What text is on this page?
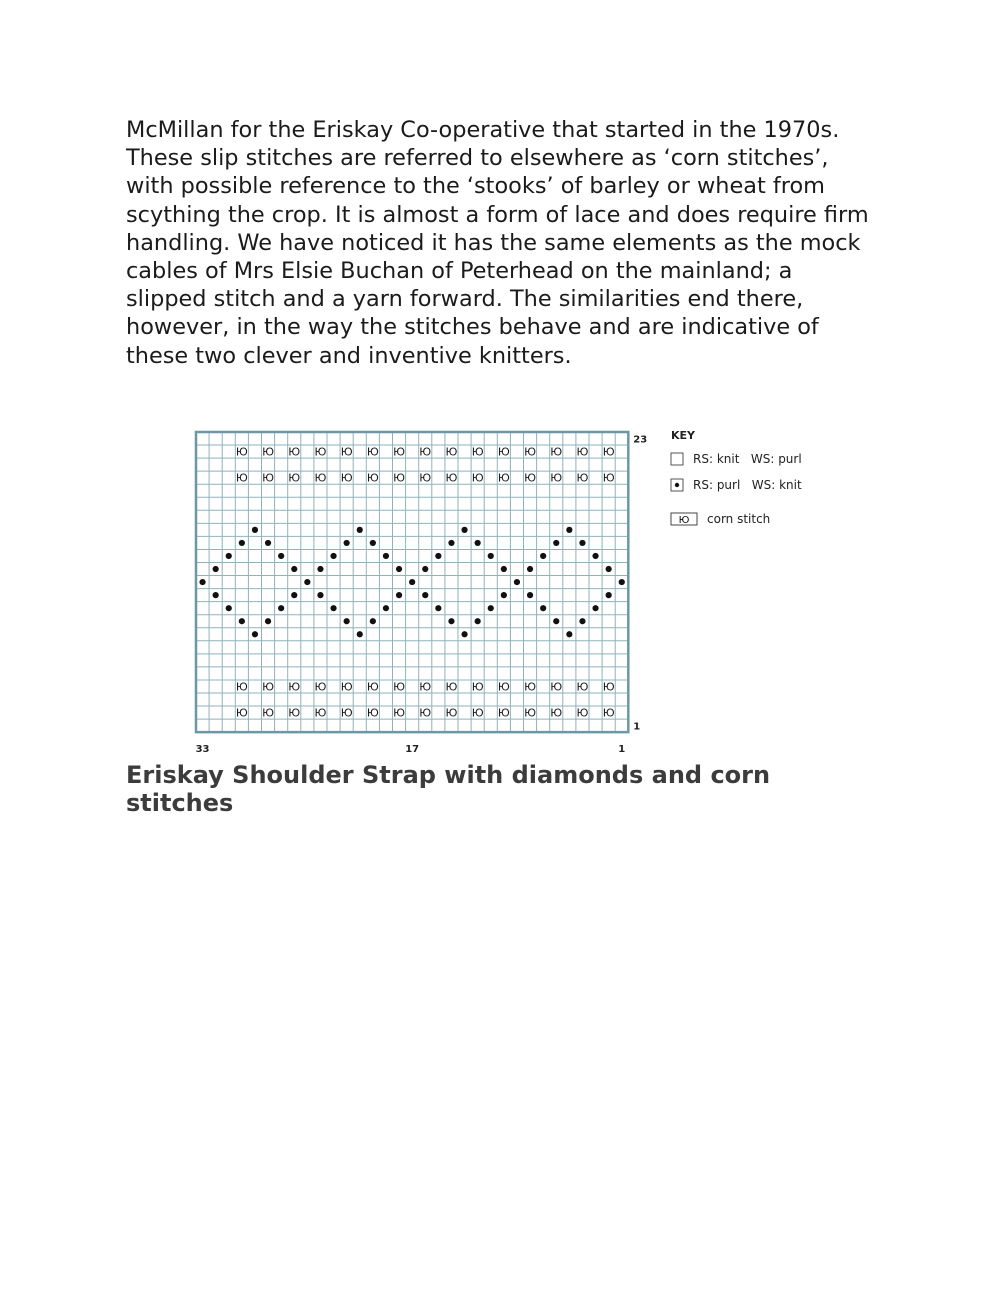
McMillan for the Eriskay Co-operative that started in the 1970s. These slip stitches are referred to elsewhere as ‘corn stitches’, with possible reference to the ‘stooks’ of barley or wheat from scything the crop. It is almost a form of lace and does require firm handling. We have noticed it has the same elements as the mock cables of Mrs Elsie Buchan of Peterhead on the mainland; a slipped stitch and a yarn forward. The similarities end there, however, in the way the stitches behave and are indicative of these two clever and inventive knitters.

Ю
Ю
Ю
Ю
Ю
Ю
Ю
Ю
Ю
Ю
Ю
Ю
Ю
Ю
Ю
Ю
Ю
Ю
Ю
Ю
Ю
Ю
Ю
Ю
Ю
Ю
Ю
Ю
Ю
Ю
Ю
Ю
Ю
Ю
Ю
Ю
Ю
Ю
Ю
Ю
Ю
Ю
Ю
Ю
Ю
Ю
Ю
Ю
Ю
Ю
Ю
Ю
Ю
Ю
Ю
Ю
Ю
Ю
Ю
Ю
33	17	1
23
1
KEY
RS: knit   WS: purl
RS: purl   WS: knit
Ю corn stitch

Eriskay Shoulder Strap with diamonds and corn stitches
